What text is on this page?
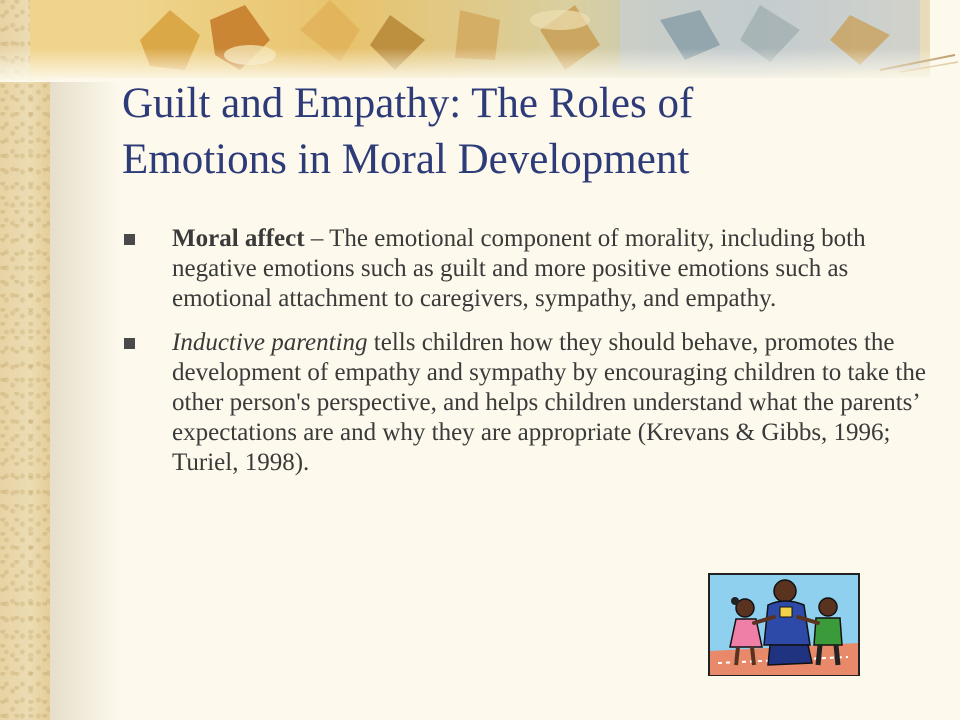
Guilt and Empathy: The Roles of
Emotions in Moral Development
Moral affect – The emotional component of morality, including both negative emotions such as guilt and more positive emotions such as emotional attachment to caregivers, sympathy, and empathy.
Inductive parenting tells children how they should behave, promotes the development of empathy and sympathy by encouraging children to take the other person's perspective, and helps children understand what the parents’ expectations are and why they are appropriate (Krevans & Gibbs, 1996; Turiel, 1998).
